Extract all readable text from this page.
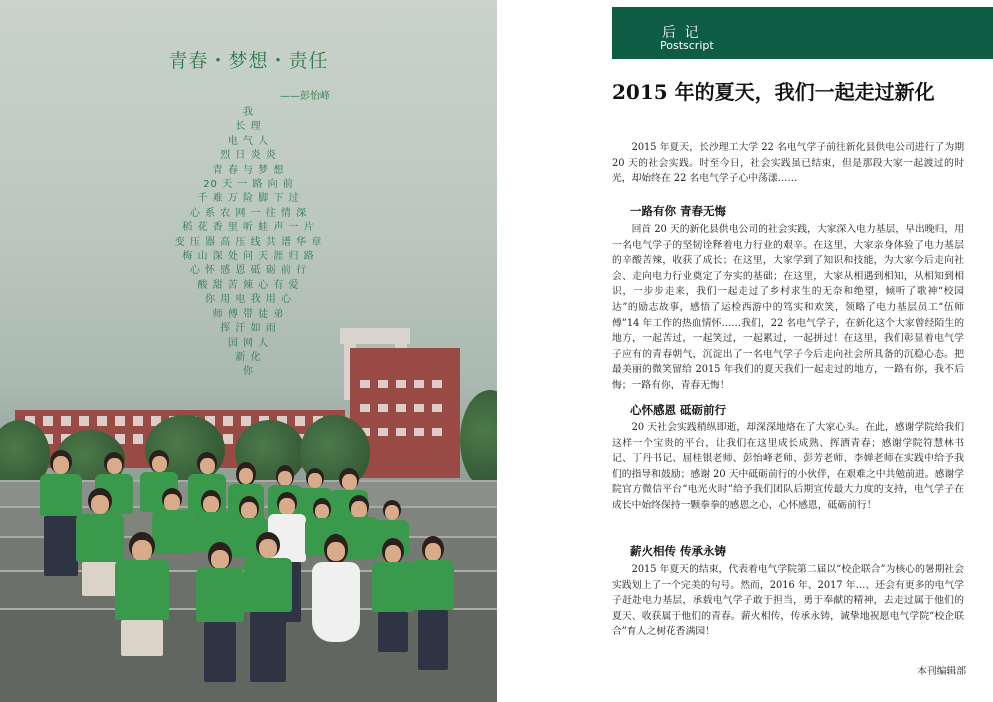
青春・梦想・责任
——彭怡峰
我
长 理
电 气 人
烈 日 炎 炎
青 春 与 梦 想
20 天 一 路 向 前
千 难 万 险 脚 下 过
心 系 农 网 一 往 情 深
稻 花 香 里 听 蛙 声 一 片
变 压 器 高 压 线 共 谱 华 章
梅 山 深 处 问 天 涯 归 路
心 怀 感 恩 砥 砺 前 行
酸 甜 苦 辣 心 有 爱
你 用 电 我 用 心
师 傅 带 徒 弟
挥 汗 如 雨
国 网 人
新 化
你
后 记
Postscript
2015 年的夏天，我们一起走过新化

2015 年夏天，长沙理工大学 22 名电气学子前往新化县供电公司进行了为期 20 天的社会实践。时至今日，社会实践虽已结束，但是那段大家一起渡过的时光，却始终在 22 名电气学子心中荡漾……

一路有你 青春无悔

回首 20 天的新化县供电公司的社会实践，大家深入电力基层，早出晚归，用一名电气学子的坚韧诠释着电力行业的艰辛。在这里，大家亲身体验了电力基层的辛酸苦辣，收获了成长；在这里，大家学到了知识和技能，为大家今后走向社会、走向电力行业奠定了夯实的基础；在这里，大家从相遇到相知，从相知到相识，一步步走来，我们一起走过了乡村求生的无奈和绝望，倾听了歌神“校园达”的励志故事，感悟了运检西游中的笃实和欢笑，领略了电力基层员工“伍师傅”14 年工作的热血情怀……我们，22 名电气学子，在新化这个大家曾经陌生的地方，一起苦过，一起笑过，一起累过，一起拼过！在这里，我们彰显着电气学子应有的青春朝气，沉淀出了一名电气学子今后走向社会所具备的沉稳心态。把最美丽的微笑留给 2015 年我们的夏天我们一起走过的地方，一路有你，我不后悔；一路有你，青春无悔！

心怀感恩 砥砺前行

20 天社会实践稍纵即逝，却深深地烙在了大家心头。在此，感谢学院给我们这样一个宝贵的平台，让我们在这里成长成熟、挥洒青春；感谢学院符慧林书记、丁丹书记、屈桂银老师、彭怡峰老师、彭芳老师、李婵老师在实践中给予我们的指导和鼓励；感谢 20 天中砥砺前行的小伙伴，在艰难之中共勉前进。感谢学院官方微信平台“电光火时”给予我们团队后期宣传最大力度的支持，电气学子在成长中始终保持一颗拳拳的感恩之心，心怀感恩，砥砺前行！

薪火相传 传承永铸

2015 年夏天的结束，代表着电气学院第二届以“校企联合”为核心的暑期社会实践划上了一个完美的句号。然而，2016 年、2017 年…、还会有更多的电气学子赶赴电力基层，承载电气学子敢于担当，勇于奉献的精神，去走过属于他们的夏天、收获属于他们的青春。薪火相传，传承永铸，诚挚地祝愿电气学院“校企联合”育人之树花香满园！

本刊编辑部
